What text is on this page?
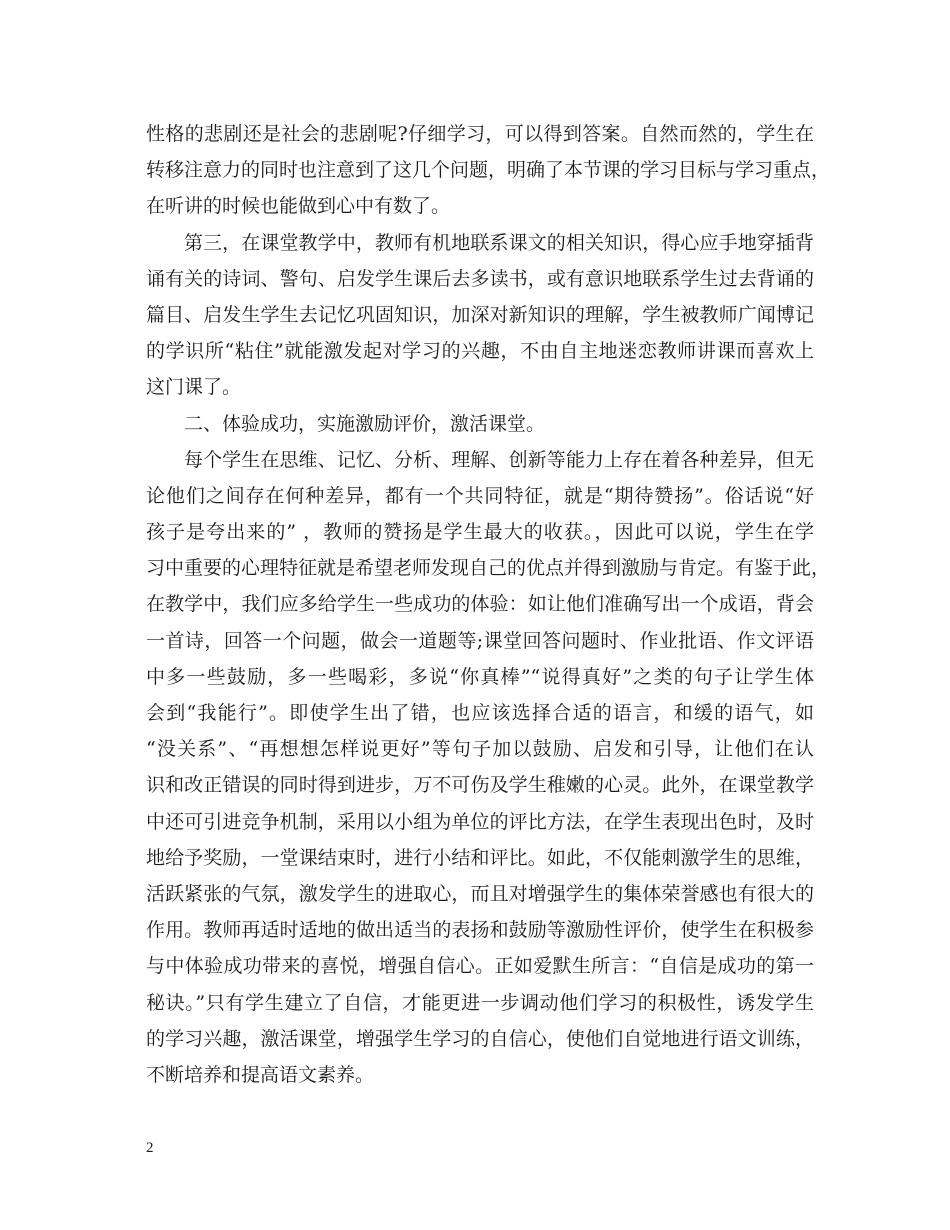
性格的悲剧还是社会的悲剧呢?仔细学习，可以得到答案。自然而然的，学生在
转移注意力的同时也注意到了这几个问题，明确了本节课的学习目标与学习重点，
在听讲的时候也能做到心中有数了。
第三，在课堂教学中，教师有机地联系课文的相关知识，得心应手地穿插背
诵有关的诗词、警句、启发学生课后去多读书，或有意识地联系学生过去背诵的
篇目、启发生学生去记忆巩固知识，加深对新知识的理解，学生被教师广闻博记
的学识所“粘住”就能激发起对学习的兴趣，不由自主地迷恋教师讲课而喜欢上
这门课了。
二、体验成功，实施激励评价，激活课堂。
每个学生在思维、记忆、分析、理解、创新等能力上存在着各种差异，但无
论他们之间存在何种差异，都有一个共同特征，就是“期待赞扬”。俗话说“好
孩子是夸出来的” ，教师的赞扬是学生最大的收获。，因此可以说，学生在学
习中重要的心理特征就是希望老师发现自己的优点并得到激励与肯定。有鉴于此，
在教学中，我们应多给学生一些成功的体验：如让他们准确写出一个成语，背会
一首诗，回答一个问题，做会一道题等;课堂回答问题时、作业批语、作文评语
中多一些鼓励，多一些喝彩，多说“你真棒”“说得真好”之类的句子让学生体
会到“我能行”。即使学生出了错，也应该选择合适的语言，和缓的语气，如
“没关系”、“再想想怎样说更好”等句子加以鼓励、启发和引导，让他们在认
识和改正错误的同时得到进步，万不可伤及学生稚嫩的心灵。此外，在课堂教学
中还可引进竞争机制，采用以小组为单位的评比方法，在学生表现出色时，及时
地给予奖励，一堂课结束时，进行小结和评比。如此，不仅能刺激学生的思维，
活跃紧张的气氛，激发学生的进取心，而且对增强学生的集体荣誉感也有很大的
作用。教师再适时适地的做出适当的表扬和鼓励等激励性评价，使学生在积极参
与中体验成功带来的喜悦，增强自信心。正如爱默生所言：“自信是成功的第一
秘诀。”只有学生建立了自信，才能更进一步调动他们学习的积极性，诱发学生
的学习兴趣，激活课堂，增强学生学习的自信心，使他们自觉地进行语文训练，
不断培养和提高语文素养。
2
